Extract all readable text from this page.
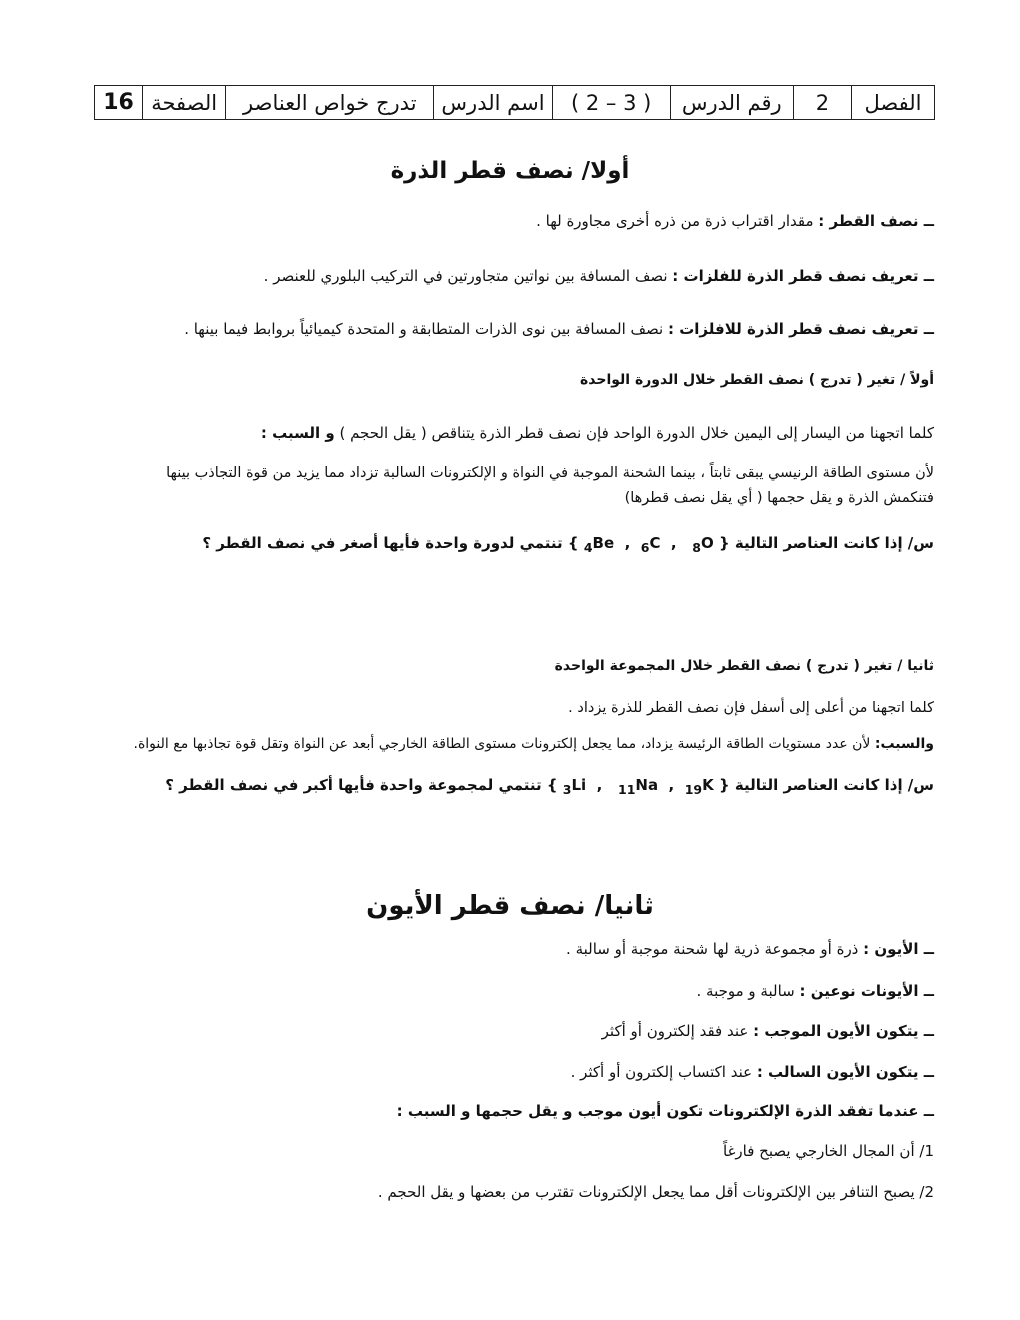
الفصل	2	رقم الدرس	( 3 – 2 )	اسم الدرس	تدرج خواص العناصر	الصفحة	16
أولا/ نصف قطر الذرة
ــ نصف القطر : مقدار اقتراب ذرة من ذره أخرى مجاورة لها .
ــ تعريف نصف قطر الذرة للفلزات : نصف المسافة بين نواتين متجاورتين في التركيب البلوري للعنصر .
ــ تعريف نصف قطر الذرة للافلزات : نصف المسافة بين نوى الذرات المتطابقة و المتحدة كيميائياً بروابط فيما بينها .
أولاً / تغير ( تدرج ) نصف القطر خلال الدورة الواحدة
كلما اتجهنا من اليسار إلى اليمين خلال الدورة الواحد فإن نصف قطر الذرة يتناقص ( يقل الحجم ) و السبب :
لأن مستوى الطاقة الرنيسي يبقى ثابتاً ، بينما الشحنة الموجبة في النواة و الإلكترونات السالبة تزداد مما يزيد من قوة التجاذب بينها
فتنكمش الذرة و يقل حجمها ( أي يقل نصف قطرها)
س/ إذا كانت العناصر التالية { $_4$Be  ,  $_6$C  ,   $_8$O } تنتمي لدورة واحدة فأيها أصغر في نصف القطر ؟
ثانيا / تغير ( تدرج ) نصف القطر خلال المجموعة الواحدة
كلما اتجهنا من أعلى إلى أسفل فإن نصف القطر للذرة يزداد .
والسبب: لأن عدد مستويات الطاقة الرئيسة يزداد، مما يجعل إلكترونات مستوى الطاقة الخارجي أبعد عن النواة وتقل قوة تجاذبها مع النواة.
س/ إذا كانت العناصر التالية { $_3$Li  ,   $_{11}$Na  ,  $_{19}$K } تنتمي لمجموعة واحدة فأيها أكبر في نصف القطر ؟
ثانيا/ نصف قطر الأيون
ــ الأيون : ذرة أو مجموعة ذرية لها شحنة موجبة أو سالبة .
ــ الأيونات نوعين : سالبة و موجبة .
ــ يتكون الأيون الموجب : عند فقد إلكترون أو أكثر
ــ يتكون الأيون السالب : عند اكتساب إلكترون أو أكثر .
ــ عندما تفقد الذرة الإلكترونات تكون أيون موجب و يقل حجمها و السبب :
1/ أن المجال الخارجي يصبح فارغاً
2/ يصبح التنافر بين الإلكترونات أقل مما يجعل الإلكترونات تقترب من بعضها و يقل الحجم .
